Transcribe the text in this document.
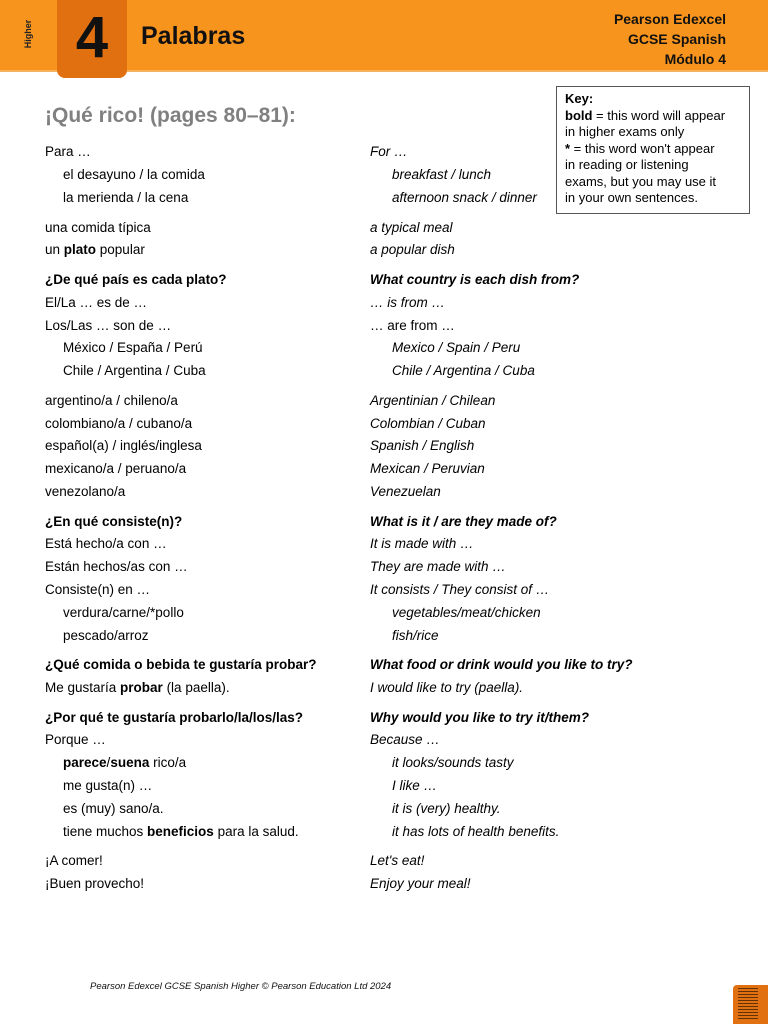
Higher 4	Palabras
Pearson Edexcel
GCSE Spanish
Módulo 4
¡Qué rico! (pages 80–81):
Key:
bold = this word will appear
in higher exams only
* = this word won't appear
in reading or listening
exams, but you may use it
in your own sentences.
Para …	For …
el desayuno / la comida	breakfast / lunch
la merienda / la cena	afternoon snack / dinner
una comida típica	a typical meal
un plato popular	a popular dish
¿De qué país es cada plato?	What country is each dish from?
El/La … es de …	… is from …
Los/Las … son de …	… are from …
México / España / Perú	Mexico / Spain / Peru
Chile / Argentina / Cuba	Chile / Argentina / Cuba
argentino/a / chileno/a	Argentinian / Chilean
colombiano/a / cubano/a	Colombian / Cuban
español(a) / inglés/inglesa	Spanish / English
mexicano/a / peruano/a	Mexican / Peruvian
venezolano/a	Venezuelan
¿En qué consiste(n)?	What is it / are they made of?
Está hecho/a con …	It is made with …
Están hechos/as con …	They are made with …
Consiste(n) en …	It consists / They consist of …
verdura/carne/*pollo	vegetables/meat/chicken
pescado/arroz	fish/rice
¿Qué comida o bebida te gustaría probar?	What food or drink would you like to try?
Me gustaría probar (la paella).	I would like to try (paella).
¿Por qué te gustaría probarlo/la/los/las?	Why would you like to try it/them?
Porque …	Because …
parece/suena rico/a	it looks/sounds tasty
me gusta(n) …	I like …
es (muy) sano/a.	it is (very) healthy.
tiene muchos beneficios para la salud.	it has lots of health benefits.
¡A comer!	Let's eat!
¡Buen provecho!	Enjoy your meal!
Pearson Edexcel GCSE Spanish Higher © Pearson Education Ltd 2024
